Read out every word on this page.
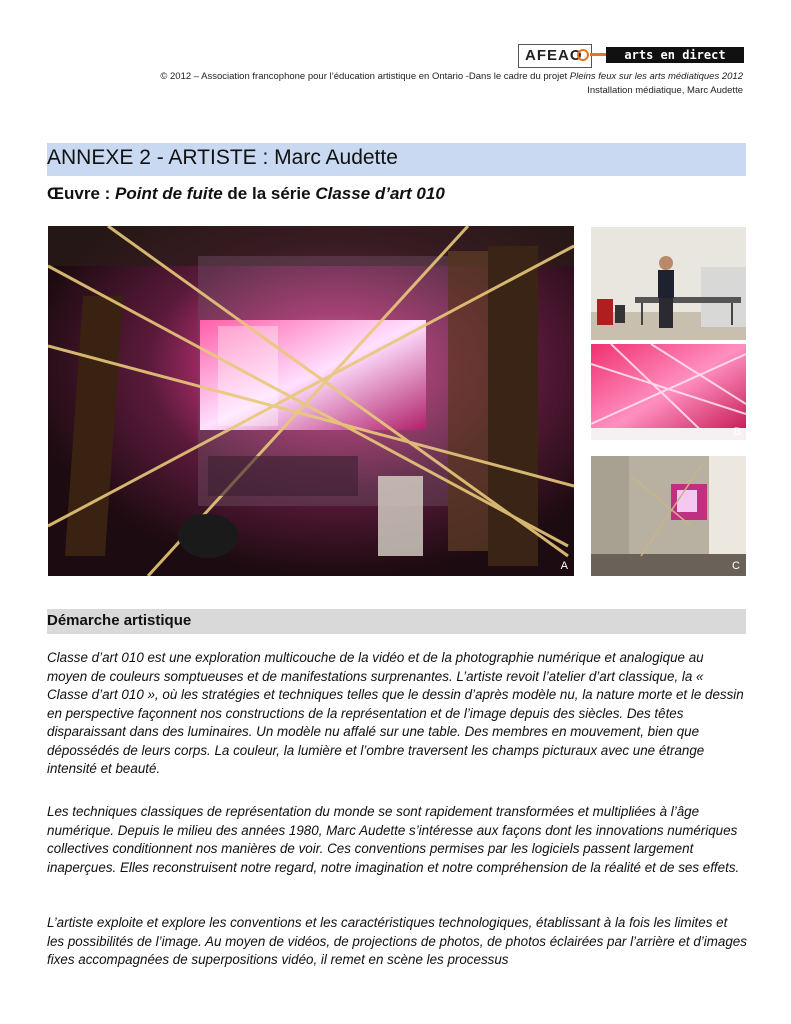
AFEAO	arts en direct
© 2012 – Association francophone pour l’éducation artistique en Ontario -Dans le cadre du projet Pleins feux sur les arts médiatiques 2012
Installation médiatique, Marc Audette
ANNEXE 2 - ARTISTE : Marc Audette
Œuvre : Point de fuite de la série Classe d’art 010
A
B
C
Démarche artistique
Classe d’art 010 est une exploration multicouche de la vidéo et de la photographie numérique et analogique au moyen de couleurs somptueuses et de manifestations surprenantes. L’artiste revoit l’atelier d’art classique, la « Classe d’art 010 », où les stratégies et techniques telles que le dessin d’après modèle nu, la nature morte et le dessin en perspective façonnent nos constructions de la représentation et de l’image depuis des siècles. Des têtes disparaissant dans des luminaires. Un modèle nu affalé sur une table. Des membres en mouvement, bien que dépossédés de leurs corps. La couleur, la lumière et l’ombre traversent les champs picturaux avec une étrange intensité et beauté.
Les techniques classiques de représentation du monde se sont rapidement transformées et multipliées à l’âge numérique. Depuis le milieu des années 1980, Marc Audette s’intéresse aux façons dont les innovations numériques collectives conditionnent nos manières de voir. Ces conventions permises par les logiciels passent largement inaperçues. Elles reconstruisent notre regard, notre imagination et notre compréhension de la réalité et de ses effets.
L’artiste exploite et explore les conventions et les caractéristiques technologiques, établissant à la fois les limites et les possibilités de l’image. Au moyen de vidéos, de projections de photos, de photos éclairées par l’arrière et d’images fixes accompagnées de superpositions vidéo, il remet en scène les processus
